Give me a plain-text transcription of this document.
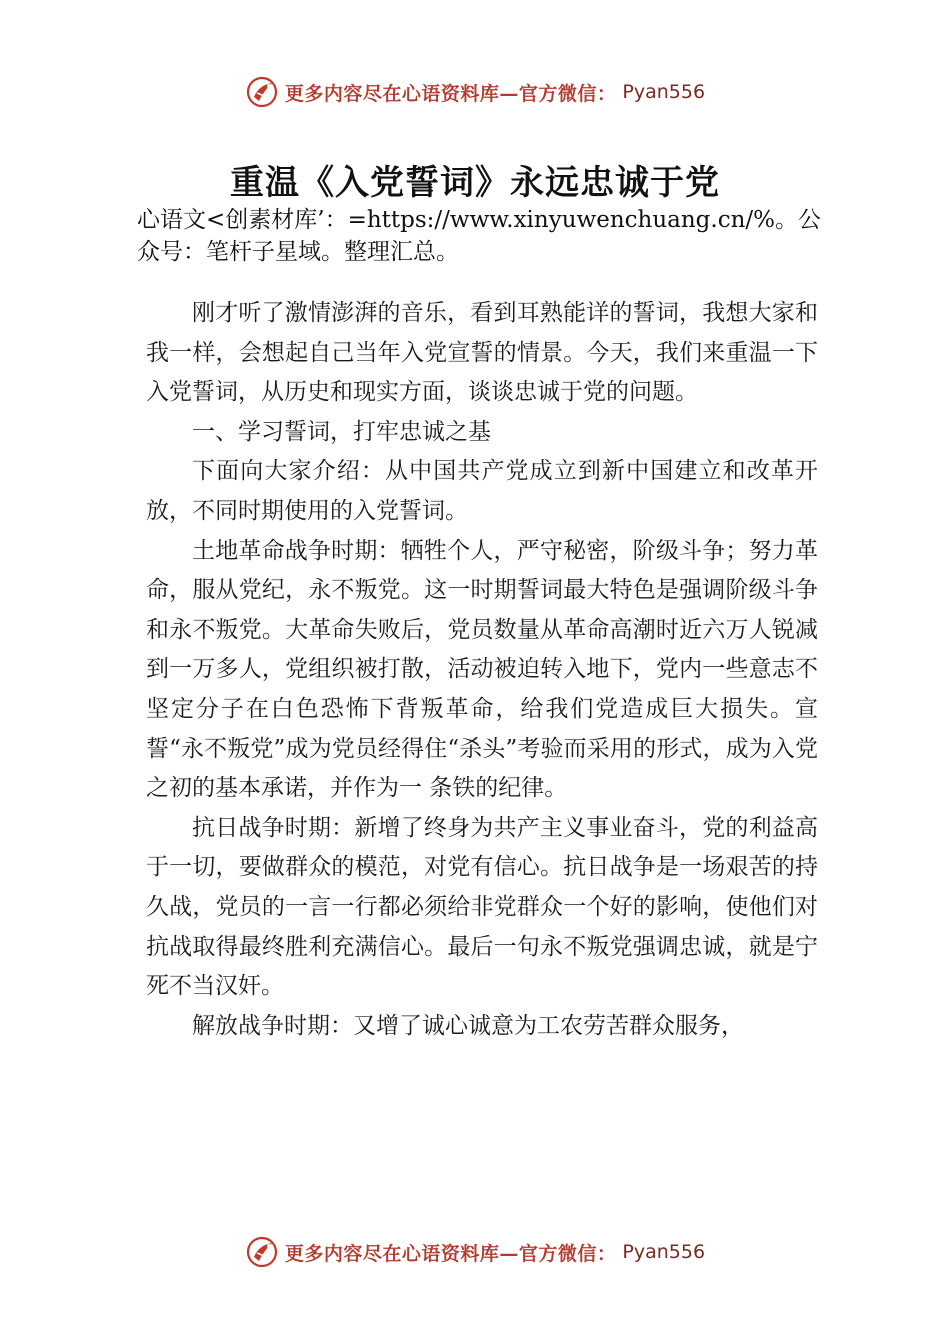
更多内容尽在心语资料库—官方微信： Pyan556
重温《入党誓词》永远忠诚于党

心语文<创素材库’：=https://www.xinyuwenchuang.cn/%。公众号：笔杆子星域。整理汇总。

刚才听了激情澎湃的音乐，看到耳熟能详的誓词，我想大家和我一样，会想起自己当年入党宣誓的情景。今天，我们来重温一下入党誓词，从历史和现实方面，谈谈忠诚于党的问题。

一、学习誓词，打牢忠诚之基

下面向大家介绍：从中国共产党成立到新中国建立和改革开放，不同时期使用的入党誓词。

土地革命战争时期：牺牲个人，严守秘密，阶级斗争；努力革命，服从党纪，永不叛党。这一时期誓词最大特色是强调阶级斗争和永不叛党。大革命失败后，党员数量从革命高潮时近六万人锐减到一万多人，党组织被打散，活动被迫转入地下，党内一些意志不坚定分子在白色恐怖下背叛革命，给我们党造成巨大损失。宣誓“永不叛党”成为党员经得住“杀头”考验而采用的形式，成为入党之初的基本承诺，并作为一 条铁的纪律。

抗日战争时期：新增了终身为共产主义事业奋斗，党的利益高于一切，要做群众的模范，对党有信心。抗日战争是一场艰苦的持久战，党员的一言一行都必须给非党群众一个好的影响，使他们对抗战取得最终胜利充满信心。最后一句永不叛党强调忠诚，就是宁死不当汉奸。

解放战争时期：又增了诚心诚意为工农劳苦群众服务，

更多内容尽在心语资料库—官方微信： Pyan556
